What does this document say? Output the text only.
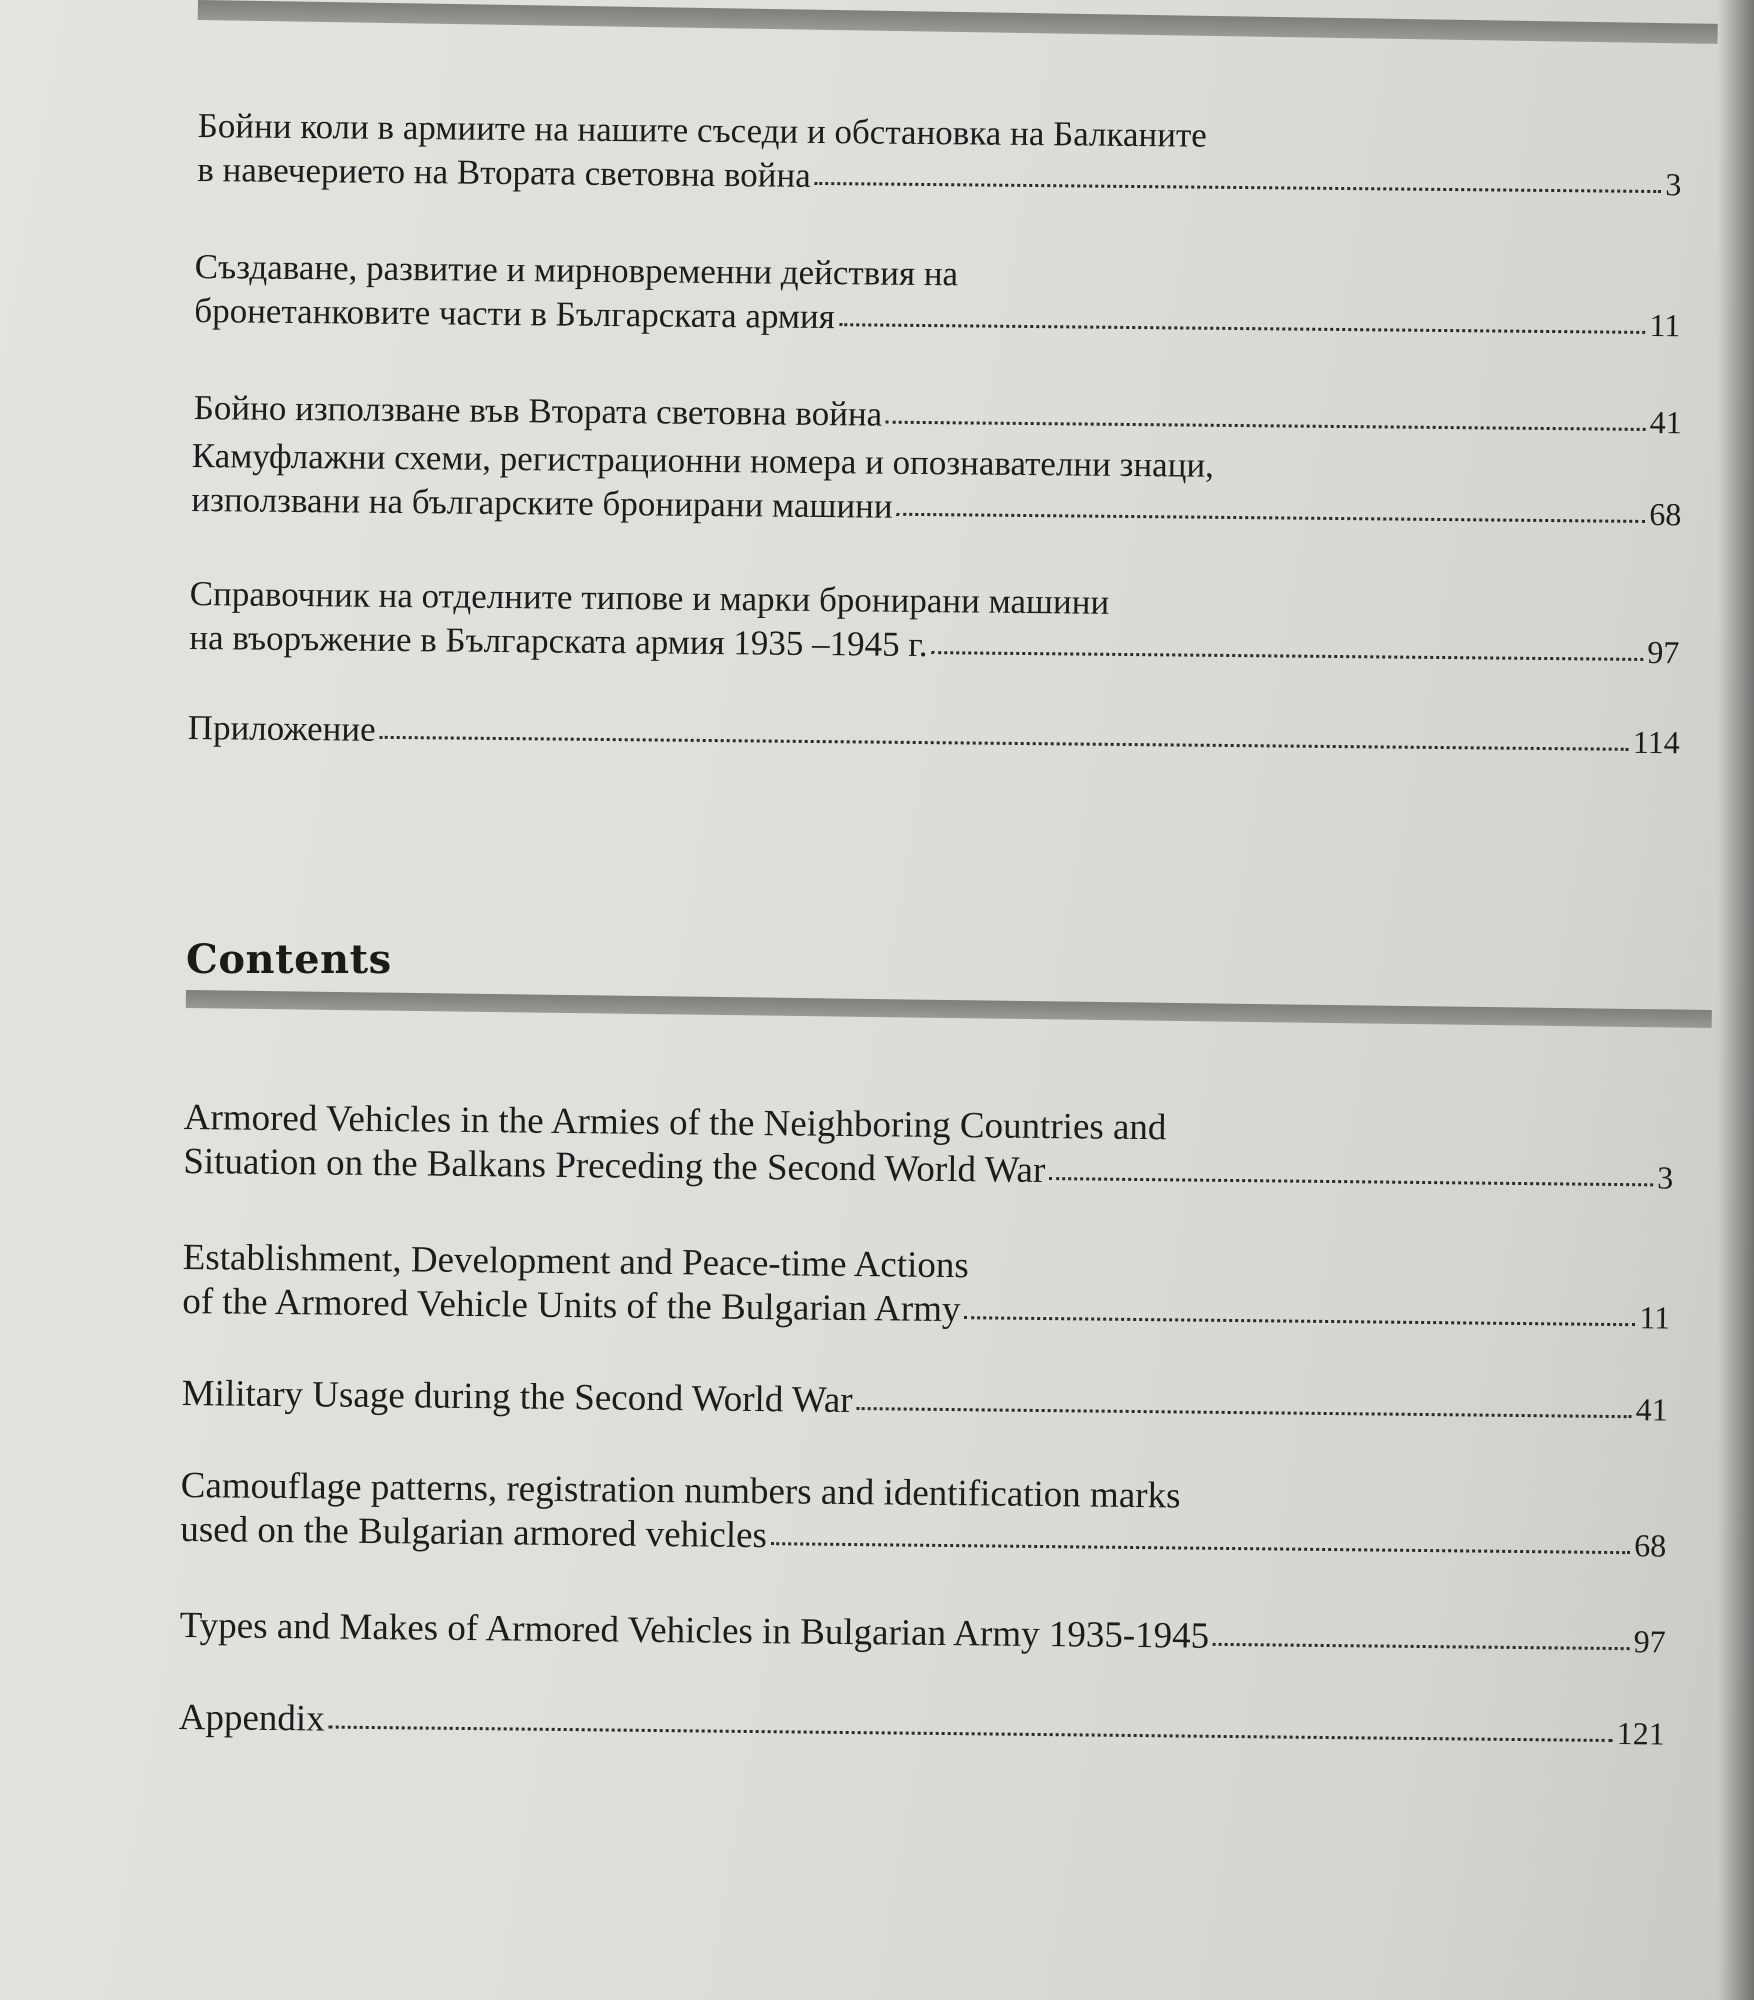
Бойни коли в армиите на нашите съседи и обстановка на Балканите
в навечерието на Втората световна война	3
Създаване, развитие и мирновременни действия на
бронетанковите части в Българската армия	11
Бойно използване във Втората световна война	41
Камуфлажни схеми, регистрационни номера и опознавателни знаци,
използвани на българските бронирани машини	68
Справочник на отделните типове и марки бронирани машини
на въоръжение в Българската армия 1935 –1945 г.	97
Приложение	114
Contents
Armored Vehicles in the Armies of the Neighboring Countries and
Situation on the Balkans Preceding the Second World War	3
Establishment, Development and Peace-time Actions
of the Armored Vehicle Units of the Bulgarian Army	11
Military Usage during the Second World War	41
Camouflage patterns, registration numbers and identification marks
used on the Bulgarian armored vehicles	68
Types and Makes of Armored Vehicles in Bulgarian Army 1935-1945	97
Appendix	121
